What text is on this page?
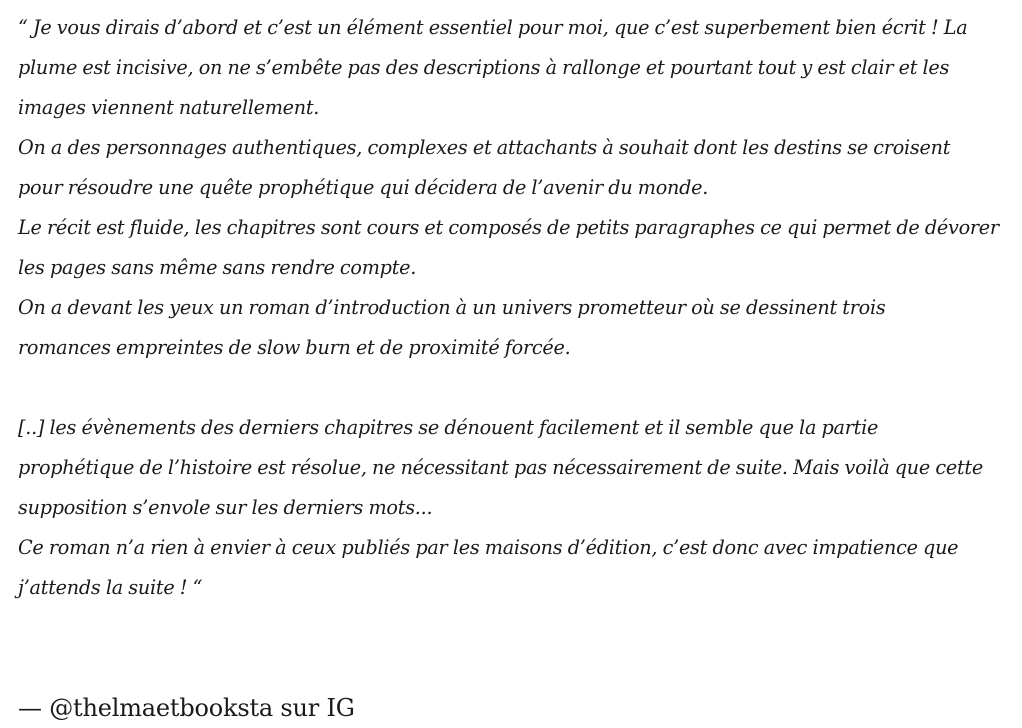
“ Je vous dirais d’abord et c’est un élément essentiel pour moi, que c’est superbement bien écrit ! La
plume est incisive, on ne s’embête pas des descriptions à rallonge et pourtant tout y est clair et les
images viennent naturellement.
On a des personnages authentiques, complexes et attachants à souhait dont les destins se croisent
pour résoudre une quête prophétique qui décidera de l’avenir du monde.
Le récit est fluide, les chapitres sont cours et composés de petits paragraphes ce qui permet de dévorer
les pages sans même sans rendre compte.
On a devant les yeux un roman d’introduction à un univers prometteur où se dessinent trois
romances empreintes de slow burn et de proximité forcée.
[..] les évènements des derniers chapitres se dénouent facilement et il semble que la partie
prophétique de l’histoire est résolue, ne nécessitant pas nécessairement de suite. Mais voilà que cette
supposition s’envole sur les derniers mots...
Ce roman n’a rien à envier à ceux publiés par les maisons d’édition, c’est donc avec impatience que
j’attends la suite ! “
— @thelmaetbooksta sur IG
